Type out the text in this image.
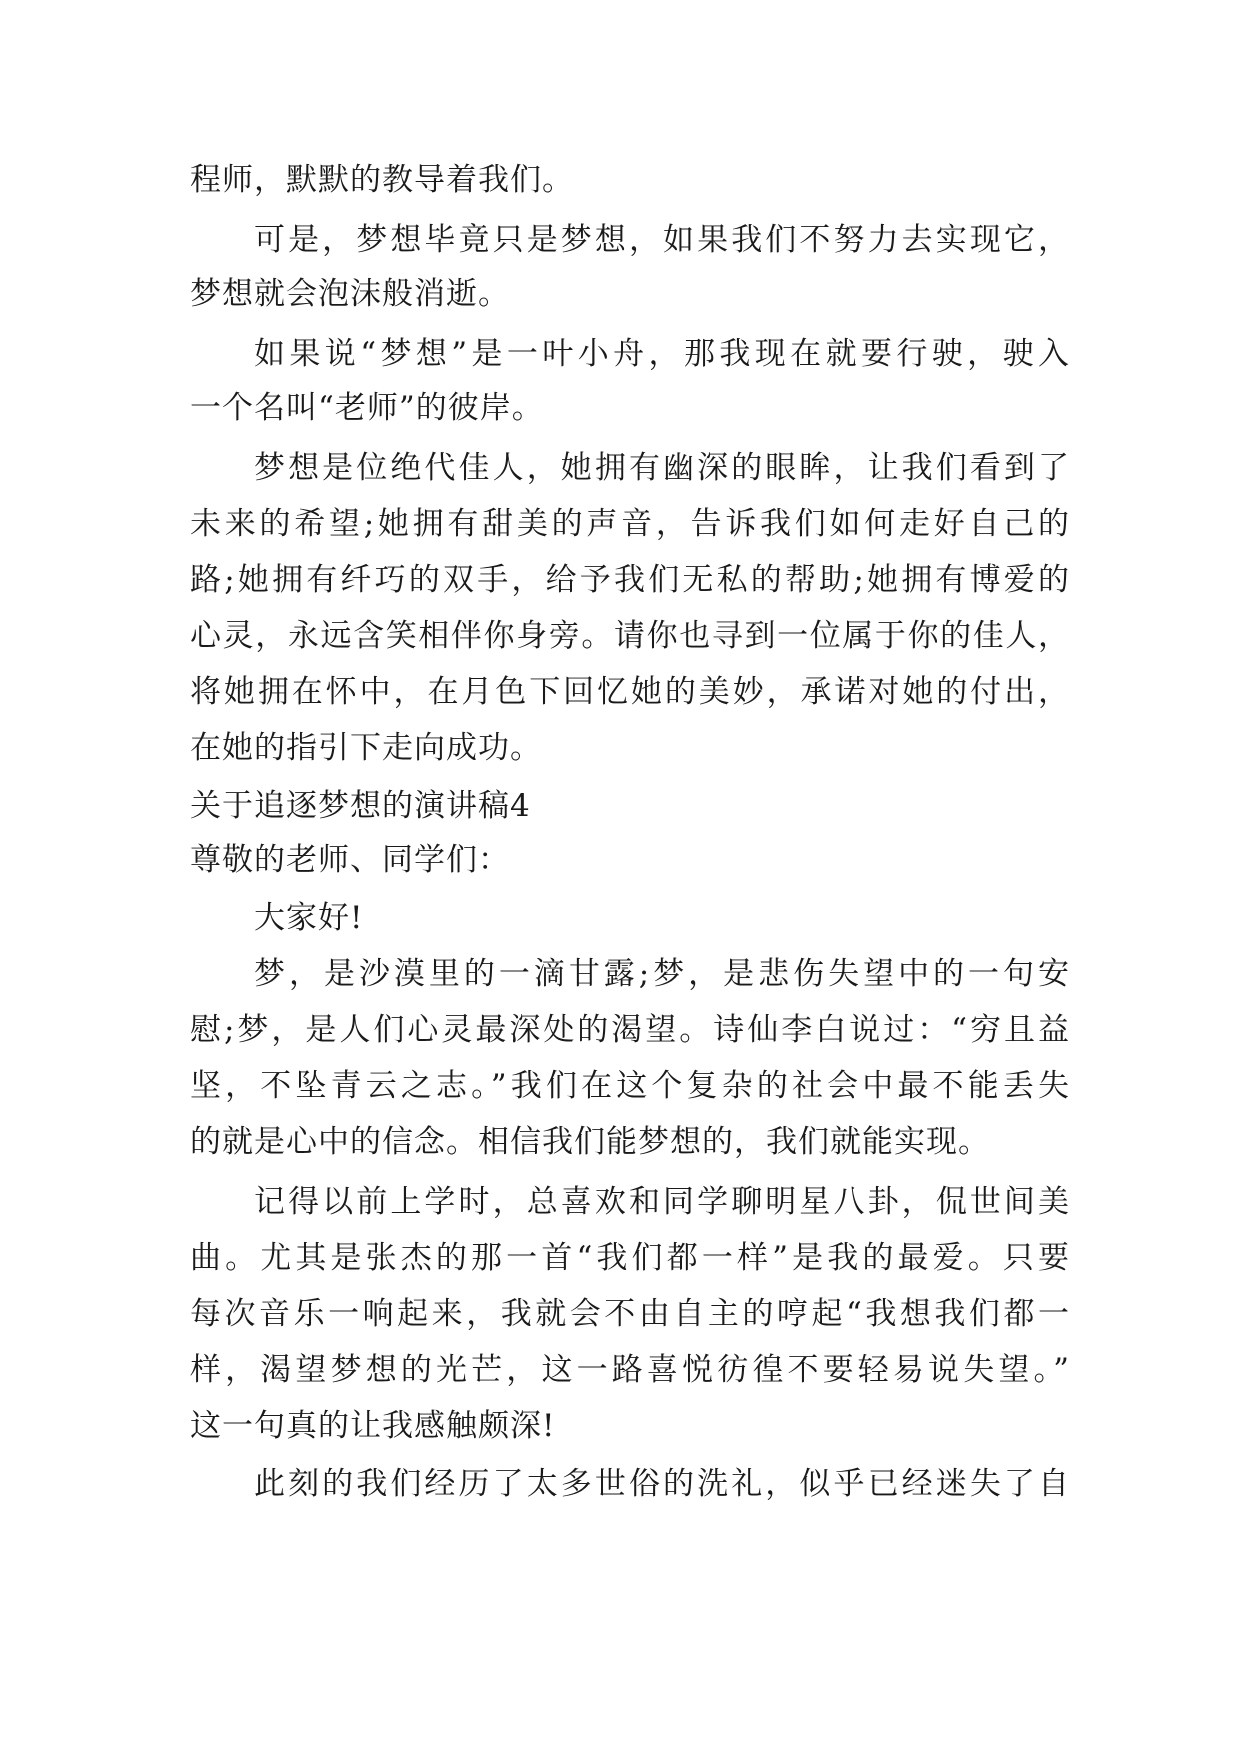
程师，默默的教导着我们。
可是，梦想毕竟只是梦想，如果我们不努力去实现它，
梦想就会泡沫般消逝。
如果说“梦想”是一叶小舟，那我现在就要行驶，驶入
一个名叫“老师”的彼岸。
梦想是位绝代佳人，她拥有幽深的眼眸，让我们看到了
未来的希望;她拥有甜美的声音，告诉我们如何走好自己的
路;她拥有纤巧的双手，给予我们无私的帮助;她拥有博爱的
心灵，永远含笑相伴你身旁。请你也寻到一位属于你的佳人，
将她拥在怀中，在月色下回忆她的美妙，承诺对她的付出，
在她的指引下走向成功。
关于追逐梦想的演讲稿4
尊敬的老师、同学们：
大家好!
梦，是沙漠里的一滴甘露;梦，是悲伤失望中的一句安
慰;梦，是人们心灵最深处的渴望。诗仙李白说过：“穷且益
坚，不坠青云之志。”我们在这个复杂的社会中最不能丢失
的就是心中的信念。相信我们能梦想的，我们就能实现。
记得以前上学时，总喜欢和同学聊明星八卦，侃世间美
曲。尤其是张杰的那一首“我们都一样”是我的最爱。只要
每次音乐一响起来，我就会不由自主的哼起“我想我们都一
样，渴望梦想的光芒，这一路喜悦彷徨不要轻易说失望。”
这一句真的让我感触颇深!
此刻的我们经历了太多世俗的洗礼，似乎已经迷失了自
